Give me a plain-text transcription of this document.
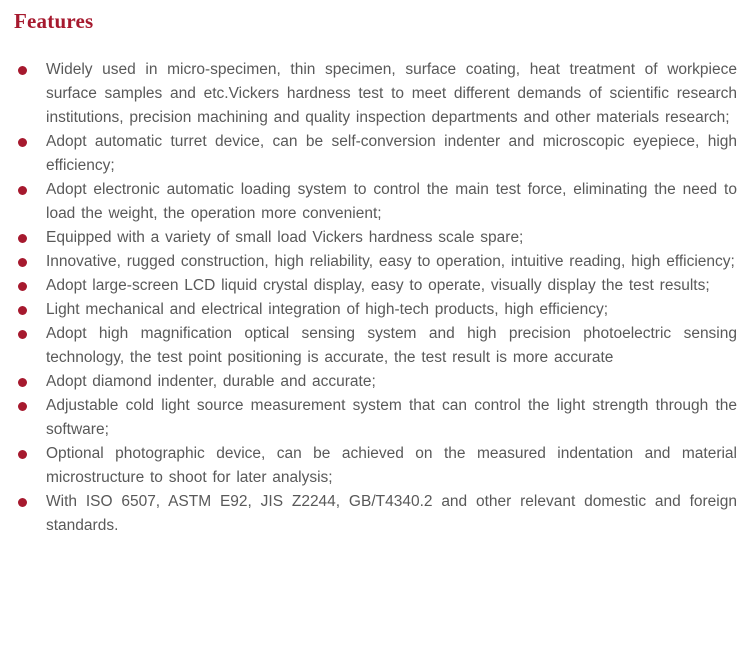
Features
Widely used in micro-specimen, thin specimen, surface coating, heat treatment of workpiece surface samples and etc.Vickers hardness test to meet different demands of scientific research institutions, precision machining and quality inspection departments and other materials research;
Adopt automatic turret device, can be self-conversion indenter and microscopic eyepiece, high efficiency;
Adopt electronic automatic loading system to control the main test force, eliminating the need to load the weight, the operation more convenient;
Equipped with a variety of small load Vickers hardness scale spare;
Innovative, rugged construction, high reliability, easy to operation, intuitive reading, high efficiency;
Adopt large-screen LCD liquid crystal display, easy to operate, visually display the test results;
Light mechanical and electrical integration of high-tech products, high efficiency;
Adopt high magnification optical sensing system and high precision photoelectric sensing technology, the test point positioning is accurate, the test result is more accurate
Adopt diamond indenter, durable and accurate;
Adjustable cold light source measurement system that can control the light strength through the software;
Optional photographic device, can be achieved on the measured indentation and material microstructure to shoot for later analysis;
With ISO 6507, ASTM E92, JIS Z2244, GB/T4340.2 and other relevant domestic and foreign standards.
